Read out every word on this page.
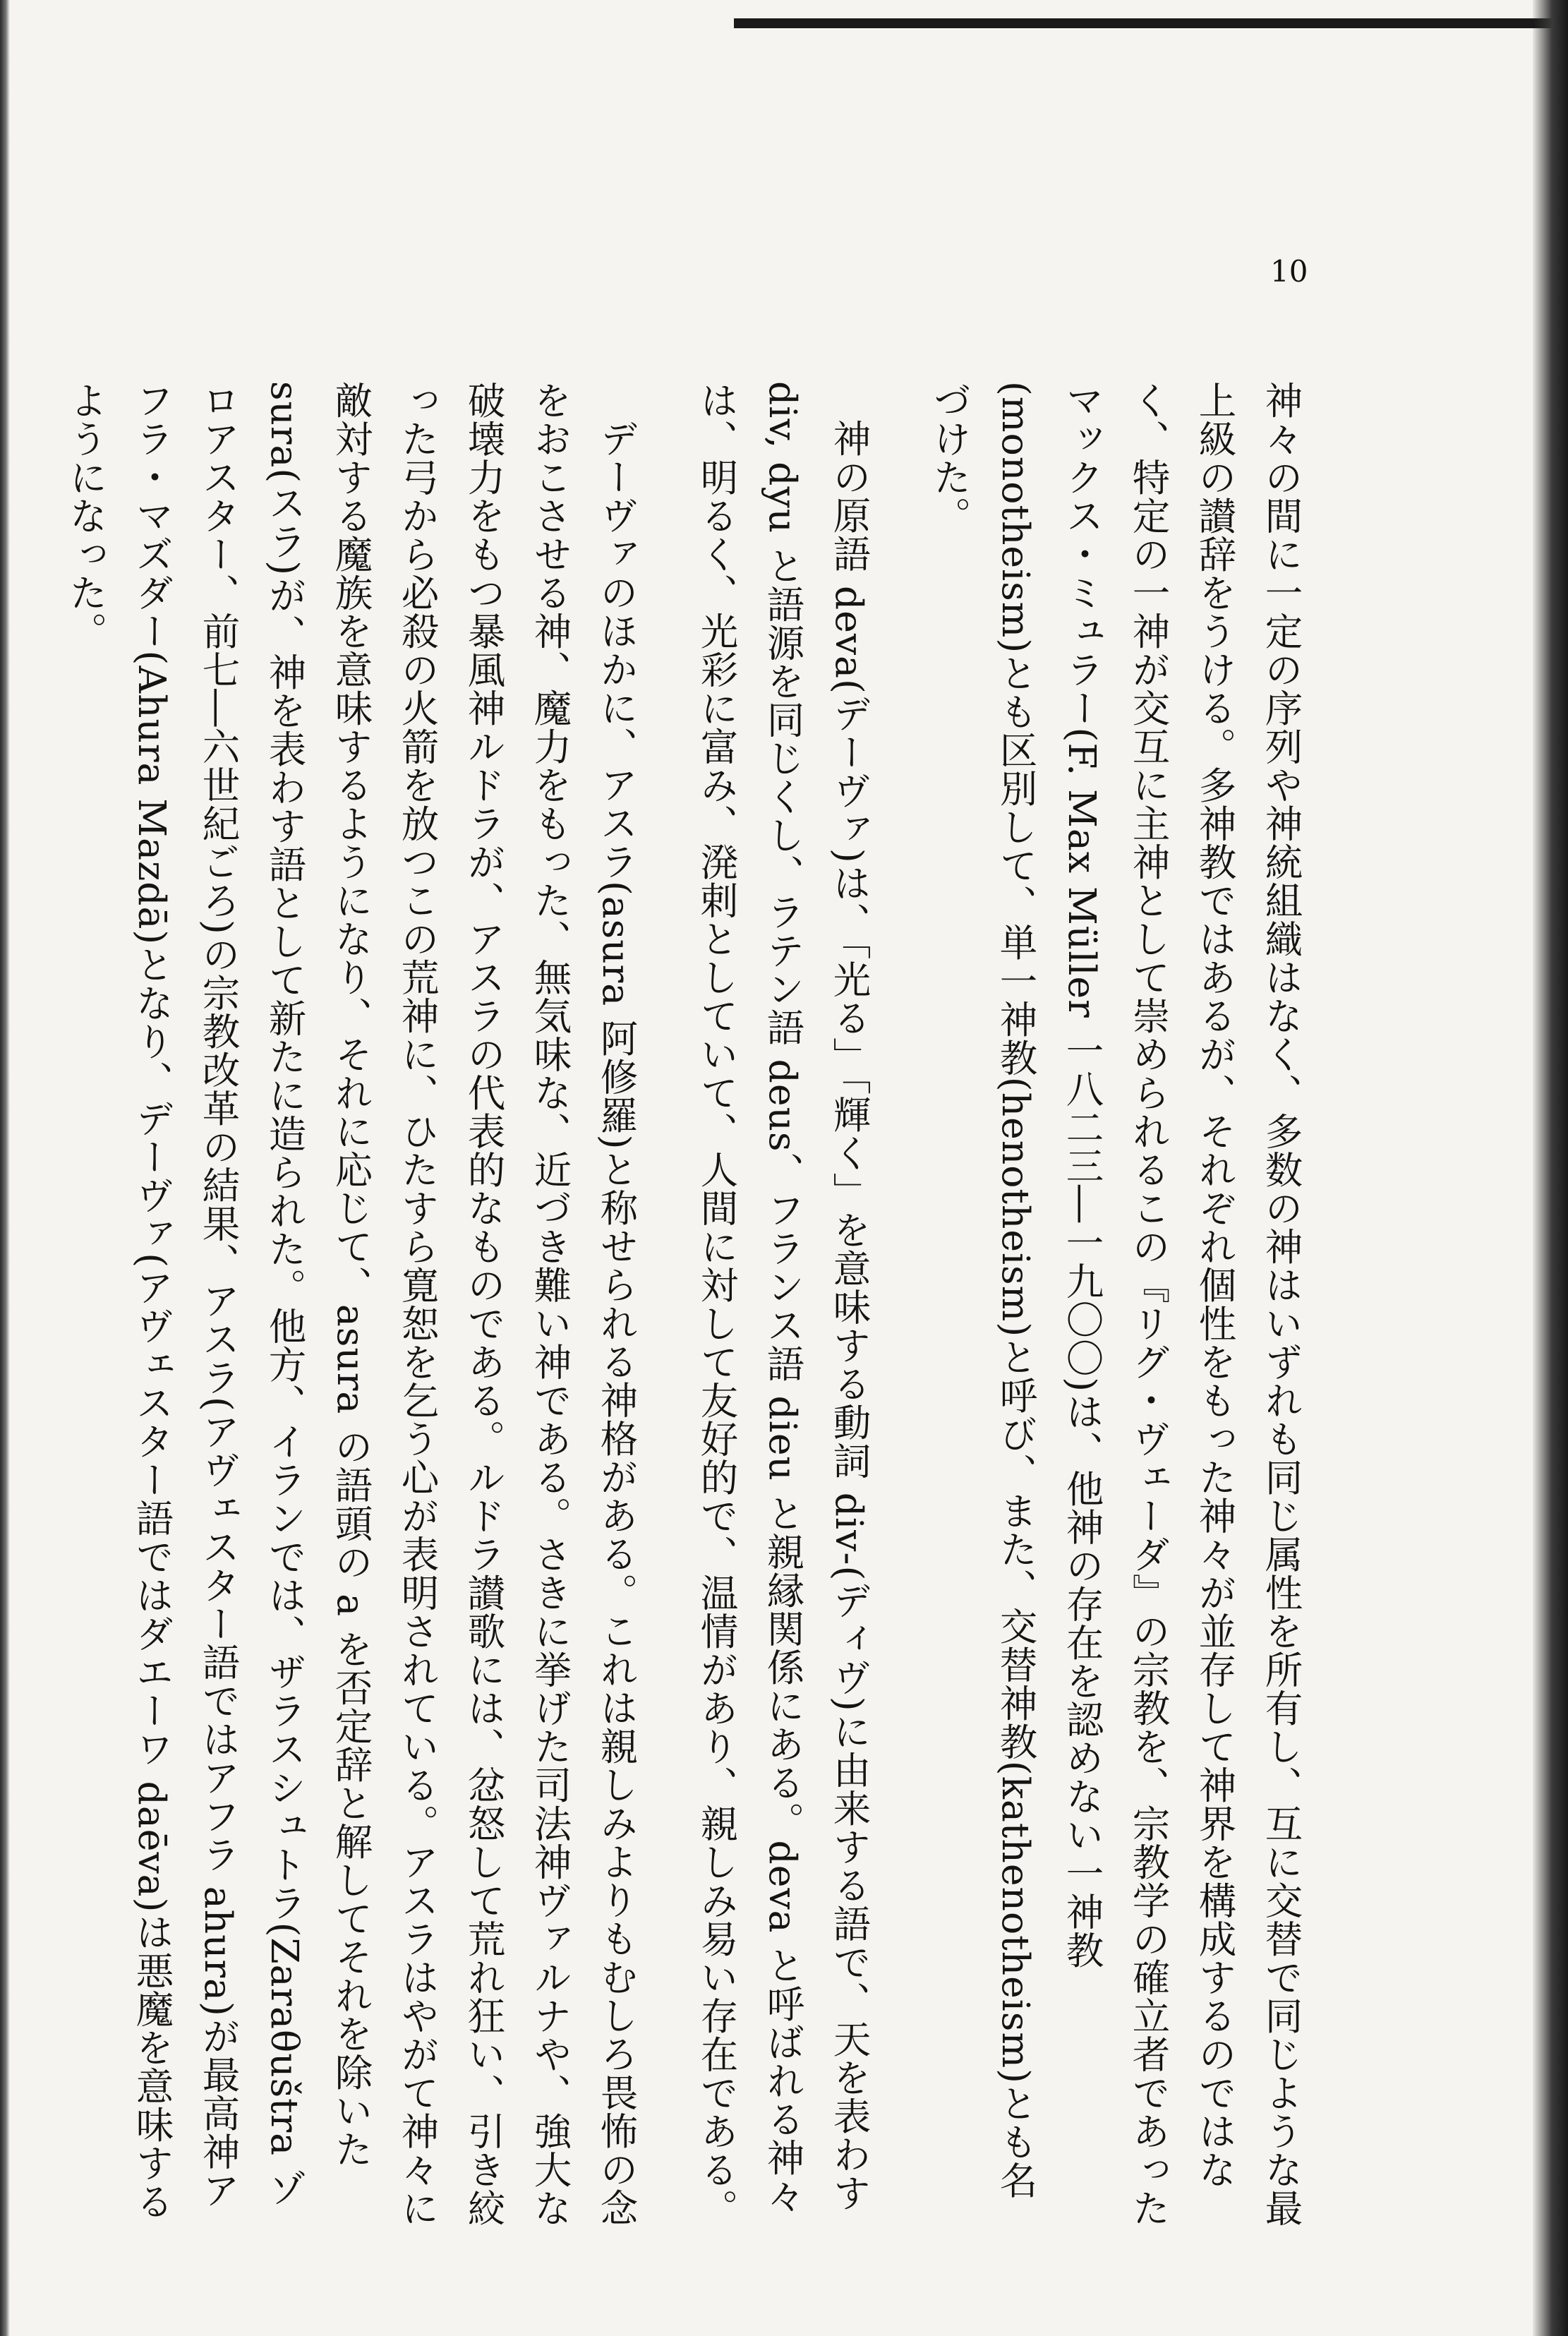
10

神々の間に一定の序列や神統組織はなく、多数の神はいずれも同じ属性を所有し、互に交替で同じような最上級の讃辞をうける。多神教ではあるが、それぞれ個性をもった神々が並存して神界を構成するのではなく、特定の一神が交互に主神として崇められるこの『リグ・ヴェーダ』の宗教を、宗教学の確立者であったマックス・ミュラー(F. Max Müller 一八二三―一九〇〇)は、他神の存在を認めない一神教(monotheism)とも区別して、単一神教(henotheism)と呼び、また、交替神教(kathenotheism)とも名づけた。

神の原語 deva(デーヴァ)は、「光る」「輝く」を意味する動詞 div-(ディヴ)に由来する語で、天を表わす div, dyu と語源を同じくし、ラテン語 deus、フランス語 dieu と親縁関係にある。deva と呼ばれる神々は、明るく、光彩に富み、溌剌としていて、人間に対して友好的で、温情があり、親しみ易い存在である。

デーヴァのほかに、アスラ(asura 阿修羅)と称せられる神格がある。これは親しみよりもむしろ畏怖の念をおこさせる神、魔力をもった、無気味な、近づき難い神である。さきに挙げた司法神ヴァルナや、強大な破壊力をもつ暴風神ルドラが、アスラの代表的なものである。ルドラ讃歌には、忿怒して荒れ狂い、引き絞った弓から必殺の火箭を放つこの荒神に、ひたすら寛恕を乞う心が表明されている。アスラはやがて神々に敵対する魔族を意味するようになり、それに応じて、asura の語頭の a を否定辞と解してそれを除いた sura(スラ)が、神を表わす語として新たに造られた。他方、イランでは、ザラスシュトラ(Zaraθuštra ゾロアスター、前七―六世紀ごろ)の宗教改革の結果、アスラ(アヴェスター語ではアフラ ahura)が最高神アフラ・マズダー(Ahura Mazdā)となり、デーヴァ(アヴェスター語ではダエーワ daēva)は悪魔を意味するようになった。
